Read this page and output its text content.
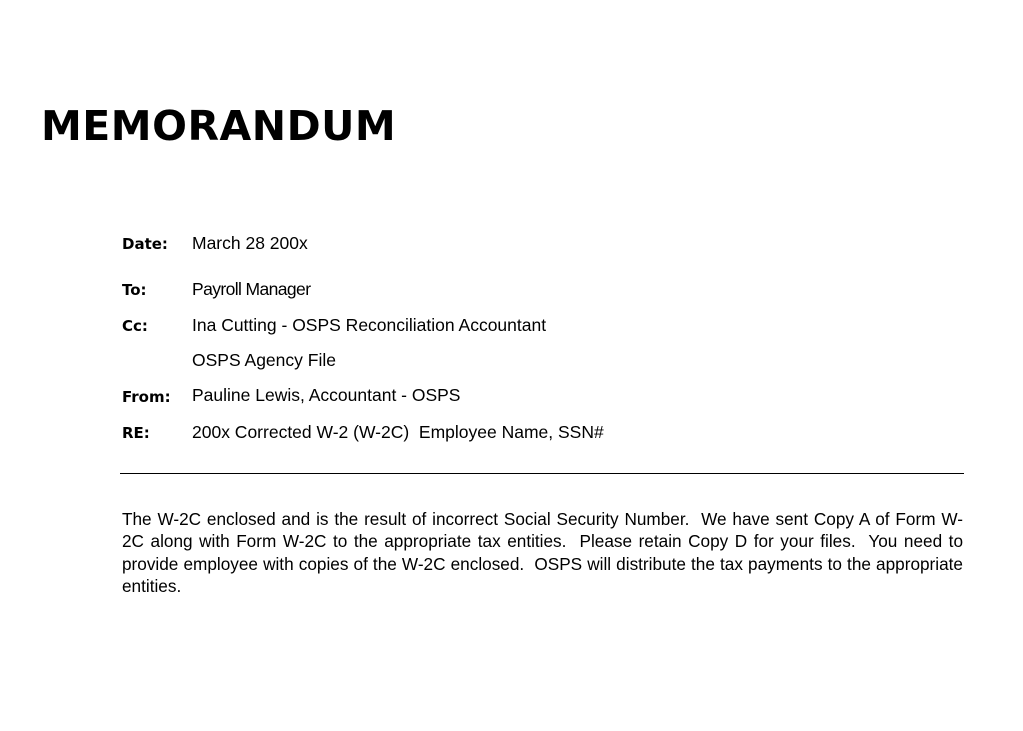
MEMORANDUM
Date: March 28 200x
To:	Payroll Manager
Cc:	Ina Cutting - OSPS Reconciliation Accountant
OSPS Agency File
From: Pauline Lewis, Accountant - OSPS
RE: 200x Corrected W-2 (W-2C)  Employee Name, SSN#

The W-2C enclosed and is the result of incorrect Social Security Number.  We have sent Copy A of Form W-2C along with Form W-2C to the appropriate tax entities.  Please retain Copy D for your files.  You need to provide employee with copies of the W-2C enclosed.  OSPS will distribute the tax payments to the appropriate entities.
